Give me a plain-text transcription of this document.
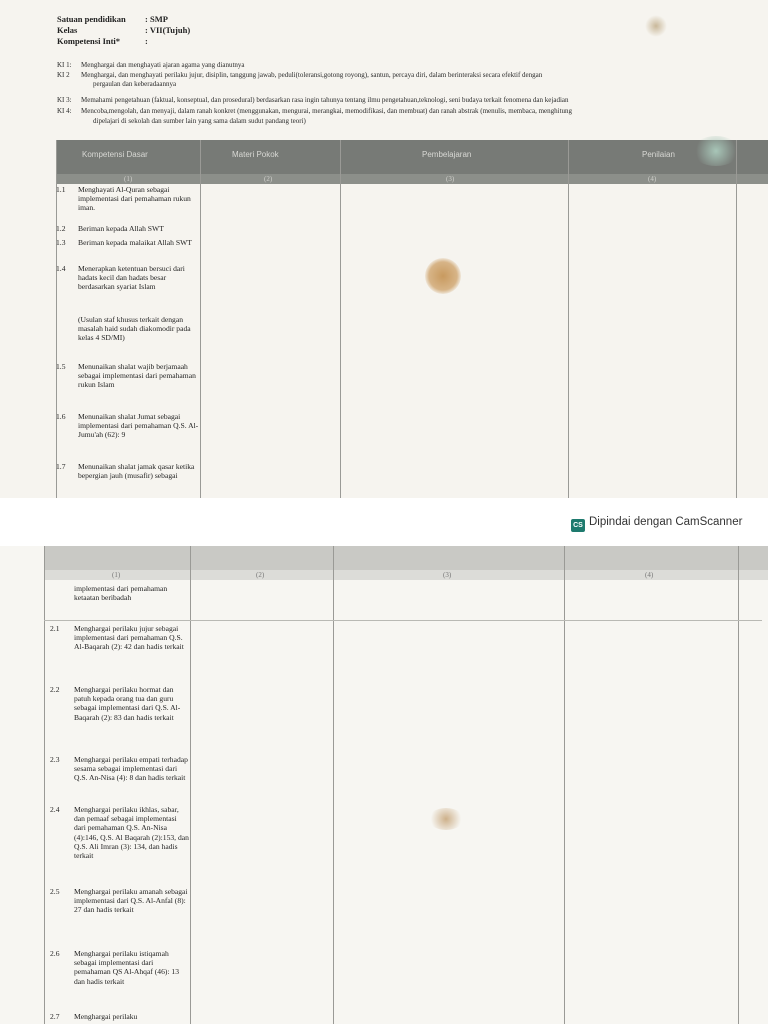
Satuan pendidikan : SMP
Kelas	: VII(Tujuh)
Kompetensi Inti*	:
KI 1: Menghargai dan menghayati ajaran agama yang dianutnya
KI 2 Menghargai, dan menghayati perilaku jujur, disiplin, tanggung jawab, peduli(toleransi,gotong royong), santun, percaya diri, dalam berinteraksi secara efektif dengan
pergaulan dan keberadaannya
KI 3: Memahami pengetahuan (faktual, konseptual, dan prosedural) berdasarkan rasa ingin tahunya tentang ilmu pengetahuan,teknologi, seni budaya terkait fenomena dan kejadian
KI 4: Mencoba,mengolah, dan menyaji, dalam ranah konkret (menggunakan, mengurai, merangkai, memodifikasi, dan membuat) dan ranah abstrak (menulis, membaca, menghitung
dipelajari di sekolah dan sumber lain yang sama dalam sudut pandang teori)
Kompetensi Dasar	Materi Pokok	Pembelajaran	Penilaian
(1)	(2)	(3)	(4)
1.1 Menghayati Al-Quran sebagai implementasi dari pemahaman rukun iman.
1.2 Beriman kepada Allah SWT
1.3 Beriman kepada malaikat Allah SWT
1.4 Menerapkan ketentuan bersuci dari hadats kecil dan hadats besar berdasarkan syariat Islam
(Usulan staf khusus terkait dengan masalah haid sudah diakomodir pada kelas 4 SD/MI)
1.5 Menunaikan shalat wajib berjamaah sebagai implementasi dari pemahaman rukun Islam
1.6 Menunaikan shalat Jumat sebagai implementasi dari pemahaman Q.S. Al-Jumu'ah (62): 9
1.7 Menunaikan shalat jamak qasar ketika bepergian jauh (musafir) sebagai
CS Dipindai dengan CamScanner
(1)	(2)	(3)	(4)
implementasi dari pemahaman ketaatan beribadah
2.1 Menghargai perilaku jujur sebagai implementasi dari pemahaman Q.S. Al-Baqarah (2): 42 dan hadis terkait
2.2 Menghargai perilaku hormat dan patuh kepada orang tua dan guru sebagai implementasi dari Q.S. Al-Baqarah (2): 83 dan hadis terkait
2.3 Menghargai perilaku empati terhadap sesama sebagai implementasi dari Q.S. An-Nisa (4): 8 dan hadis terkait
2.4 Menghargai perilaku ikhlas, sabar, dan pemaaf sebagai implementasi dari pemahaman Q.S. An-Nisa (4):146, Q.S. Al Baqarah (2):153, dan Q.S. Ali Imran (3): 134, dan hadis terkait
2.5 Menghargai perilaku amanah sebagai implementasi dari Q.S. Al-Anfal (8): 27 dan hadis terkait
2.6 Menghargai perilaku istiqamah sebagai implementasi dari pemahaman QS Al-Ahqaf (46): 13 dan hadis terkait
2.7 Menghargai perilaku
